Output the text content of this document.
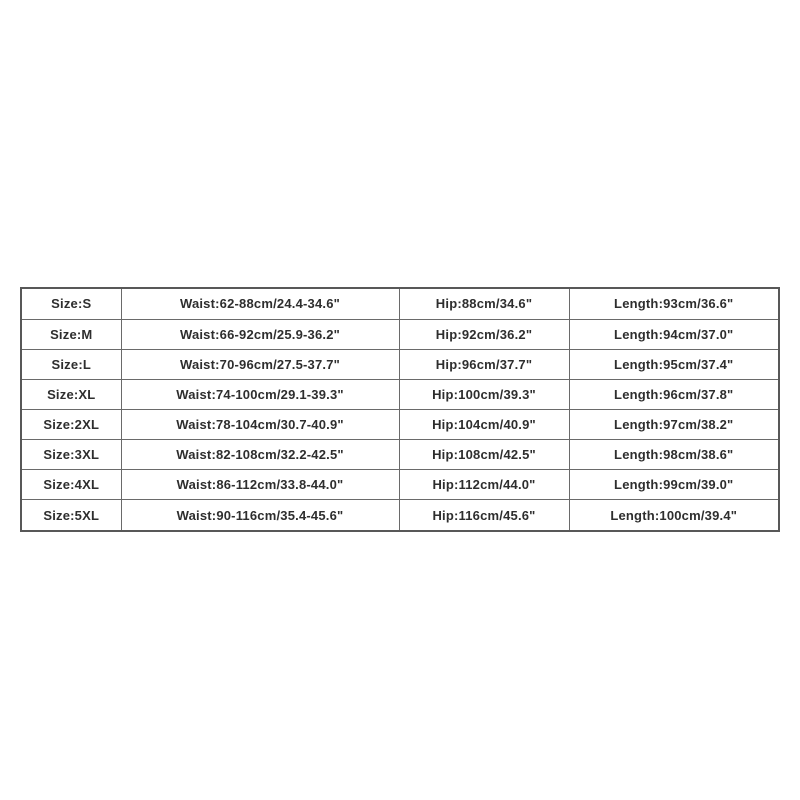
Size:S	Waist:62-88cm/24.4-34.6"	Hip:88cm/34.6"	Length:93cm/36.6"
Size:M	Waist:66-92cm/25.9-36.2"	Hip:92cm/36.2"	Length:94cm/37.0"
Size:L	Waist:70-96cm/27.5-37.7"	Hip:96cm/37.7"	Length:95cm/37.4"
Size:XL	Waist:74-100cm/29.1-39.3"	Hip:100cm/39.3"	Length:96cm/37.8"
Size:2XL	Waist:78-104cm/30.7-40.9"	Hip:104cm/40.9"	Length:97cm/38.2"
Size:3XL	Waist:82-108cm/32.2-42.5"	Hip:108cm/42.5"	Length:98cm/38.6"
Size:4XL	Waist:86-112cm/33.8-44.0"	Hip:112cm/44.0"	Length:99cm/39.0"
Size:5XL	Waist:90-116cm/35.4-45.6"	Hip:116cm/45.6"	Length:100cm/39.4"
